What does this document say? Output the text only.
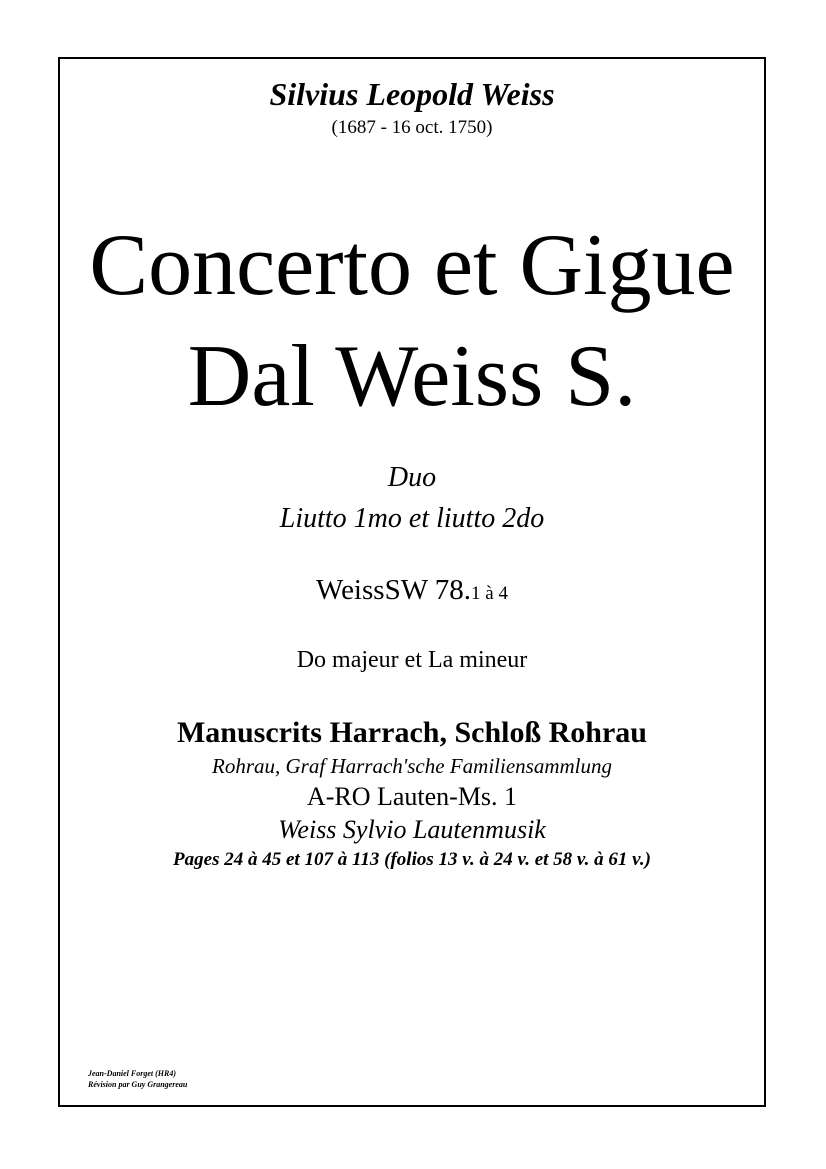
Silvius Leopold Weiss
(1687 - 16 oct. 1750)
Concerto et Gigue
Dal Weiss S.
Duo
Liutto 1mo et liutto 2do
WeissSW 78.1 à 4
Do majeur et La mineur
Manuscrits Harrach, Schloß Rohrau
Rohrau, Graf Harrach'sche Familiensammlung
A-RO Lauten-Ms. 1
Weiss Sylvio Lautenmusik
Pages 24 à 45 et 107 à 113 (folios 13 v. à 24 v. et 58 v. à 61 v.)
Jean-Daniel Forget (HR4)
Révision par Guy Grangereau
